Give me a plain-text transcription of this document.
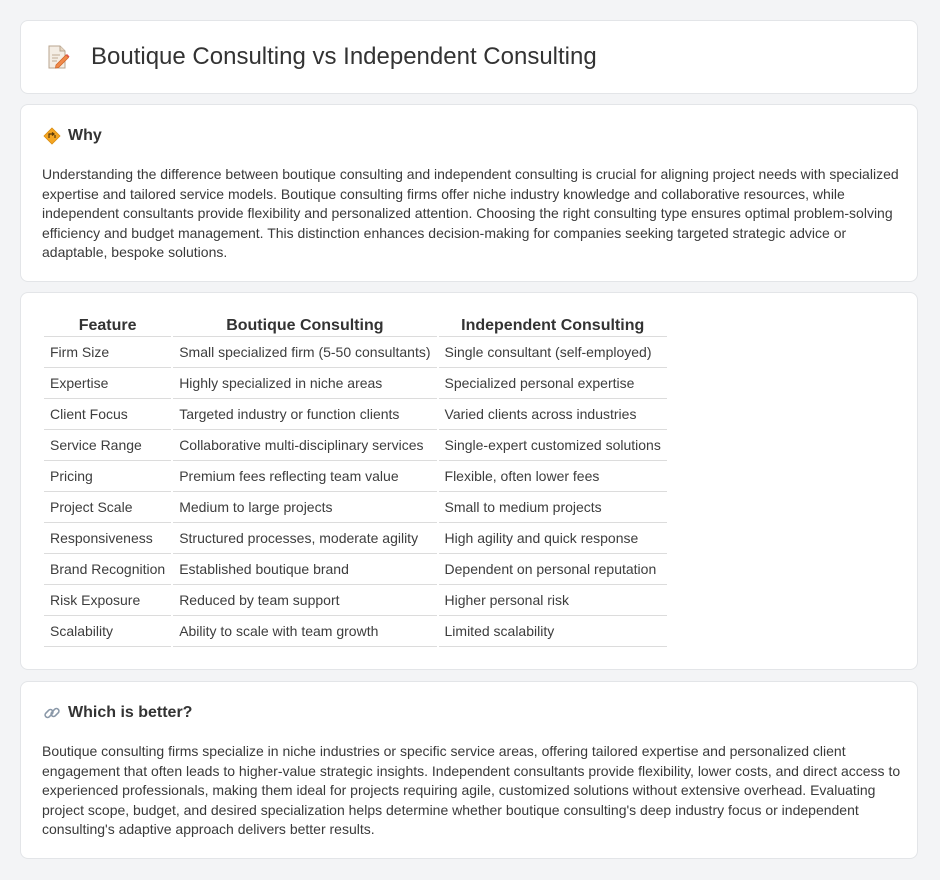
Boutique Consulting vs Independent Consulting
Why

Understanding the difference between boutique consulting and independent consulting is crucial for aligning project needs with specialized expertise and tailored service models. Boutique consulting firms offer niche industry knowledge and collaborative resources, while independent consultants provide flexibility and personalized attention. Choosing the right consulting type ensures optimal problem-solving efficiency and budget management. This distinction enhances decision-making for companies seeking targeted strategic advice or adaptable, bespoke solutions.

Feature	Boutique Consulting	Independent Consulting
Firm Size	Small specialized firm (5-50 consultants)	Single consultant (self-employed)
Expertise	Highly specialized in niche areas	Specialized personal expertise
Client Focus	Targeted industry or function clients	Varied clients across industries
Service Range	Collaborative multi-disciplinary services	Single-expert customized solutions
Pricing	Premium fees reflecting team value	Flexible, often lower fees
Project Scale	Medium to large projects	Small to medium projects
Responsiveness	Structured processes, moderate agility	High agility and quick response
Brand Recognition	Established boutique brand	Dependent on personal reputation
Risk Exposure	Reduced by team support	Higher personal risk
Scalability	Ability to scale with team growth	Limited scalability
Which is better?

Boutique consulting firms specialize in niche industries or specific service areas, offering tailored expertise and personalized client engagement that often leads to higher-value strategic insights. Independent consultants provide flexibility, lower costs, and direct access to experienced professionals, making them ideal for projects requiring agile, customized solutions without extensive overhead. Evaluating project scope, budget, and desired specialization helps determine whether boutique consulting's deep industry focus or independent consulting's adaptive approach delivers better results.
